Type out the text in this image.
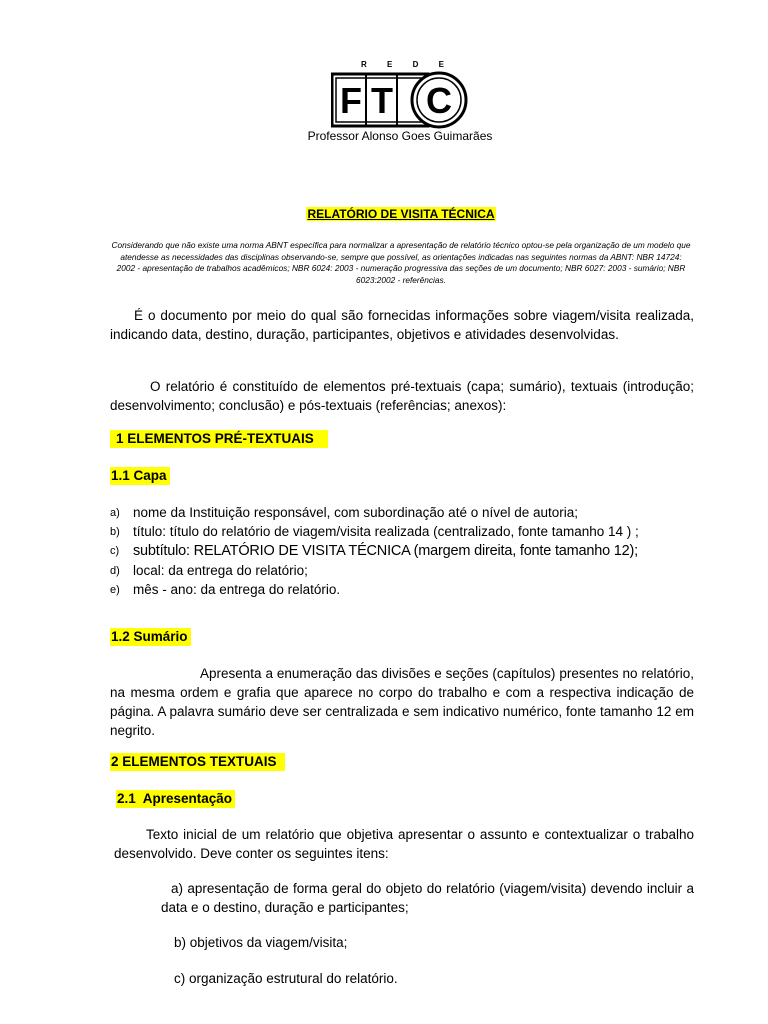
R E D E
F T C
Professor Alonso Goes Guimarães
RELATÓRIO DE VISITA TÉCNICA
Considerando que não existe uma norma ABNT específica para normalizar a apresentação de relatório técnico optou-se pela organização de um modelo que atendesse as necessidades das disciplinas observando-se, sempre que possível, as orientações indicadas nas seguintes normas da ABNT: NBR 14724: 2002 - apresentação de trabalhos acadêmicos; NBR 6024: 2003 - numeração progressiva das seções de um documento; NBR 6027: 2003 - sumário; NBR 6023:2002 - referências.
É o documento por meio do qual são fornecidas informações sobre viagem/visita realizada, indicando data, destino, duração, participantes, objetivos e atividades desenvolvidas.
O relatório é constituído de elementos pré-textuais (capa; sumário), textuais (introdução; desenvolvimento; conclusão) e pós-textuais (referências; anexos):
1 ELEMENTOS PRÉ-TEXTUAIS
1.1 Capa
a) nome da Instituição responsável, com subordinação até o nível de autoria;
b) título: título do relatório de viagem/visita realizada (centralizado, fonte tamanho 14 ) ;
c) subtítulo: RELATÓRIO DE VISITA TÉCNICA (margem direita, fonte tamanho 12);
d) local: da entrega do relatório;
e) mês - ano: da entrega do relatório.
1.2 Sumário
Apresenta a enumeração das divisões e seções (capítulos) presentes no relatório, na mesma ordem e grafia que aparece no corpo do trabalho e com a respectiva indicação de página. A palavra sumário deve ser centralizada e sem indicativo numérico, fonte tamanho 12 em negrito.
2 ELEMENTOS TEXTUAIS
2.1  Apresentação
Texto inicial de um relatório que objetiva apresentar o assunto e contextualizar o trabalho desenvolvido. Deve conter os seguintes itens:
a) apresentação de forma geral do objeto do relatório (viagem/visita) devendo incluir a data e o destino, duração e participantes;
b) objetivos da viagem/visita;
c) organização estrutural do relatório.
